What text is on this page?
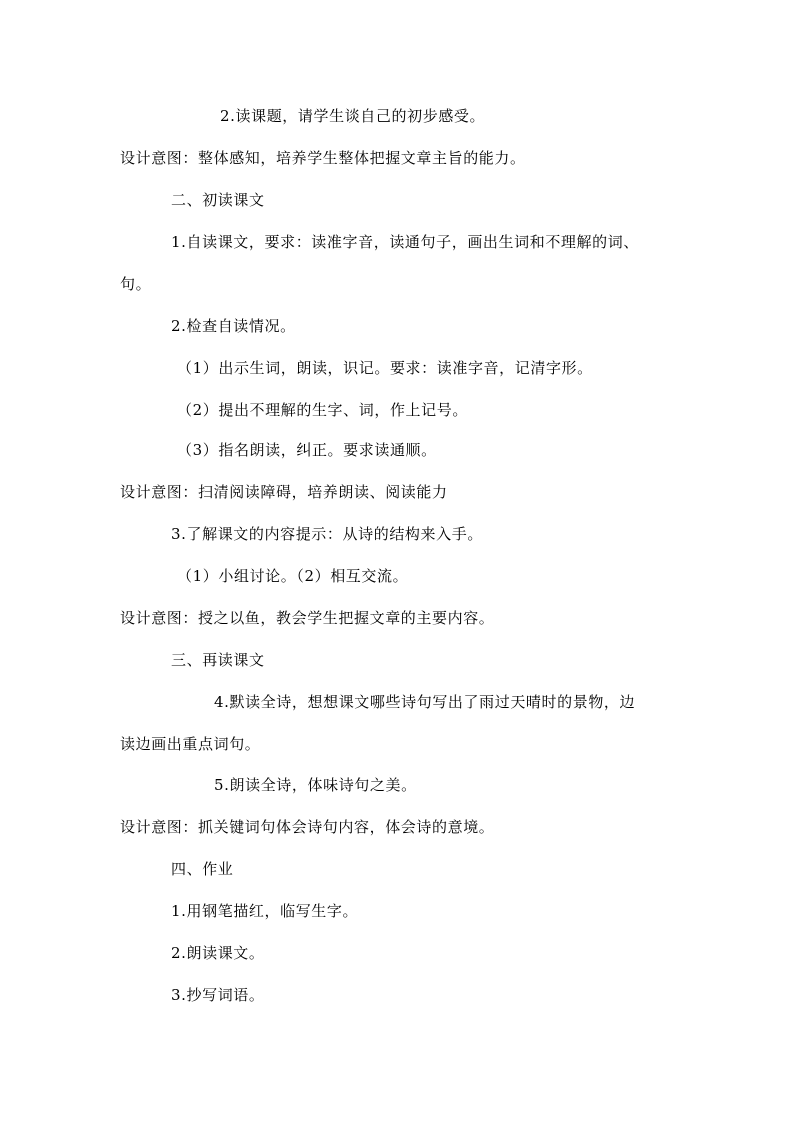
2.读课题，请学生谈自己的初步感受。
设计意图：整体感知，培养学生整体把握文章主旨的能力。
二、初读课文
1.自读课文，要求：读准字音，读通句子，画出生词和不理解的词、
句。
2.检查自读情况。
（1）出示生词，朗读，识记。要求：读准字音，记清字形。
（2）提出不理解的生字、词，作上记号。
（3）指名朗读，纠正。要求读通顺。
设计意图：扫清阅读障碍，培养朗读、阅读能力
3.了解课文的内容提示：从诗的结构来入手。
（1）小组讨论。（2）相互交流。
设计意图：授之以鱼，教会学生把握文章的主要内容。
三、再读课文
4.默读全诗，想想课文哪些诗句写出了雨过天晴时的景物，边
读边画出重点词句。
5.朗读全诗，体味诗句之美。
设计意图：抓关键词句体会诗句内容，体会诗的意境。
四、作业
1.用钢笔描红，临写生字。
2.朗读课文。
3.抄写词语。
